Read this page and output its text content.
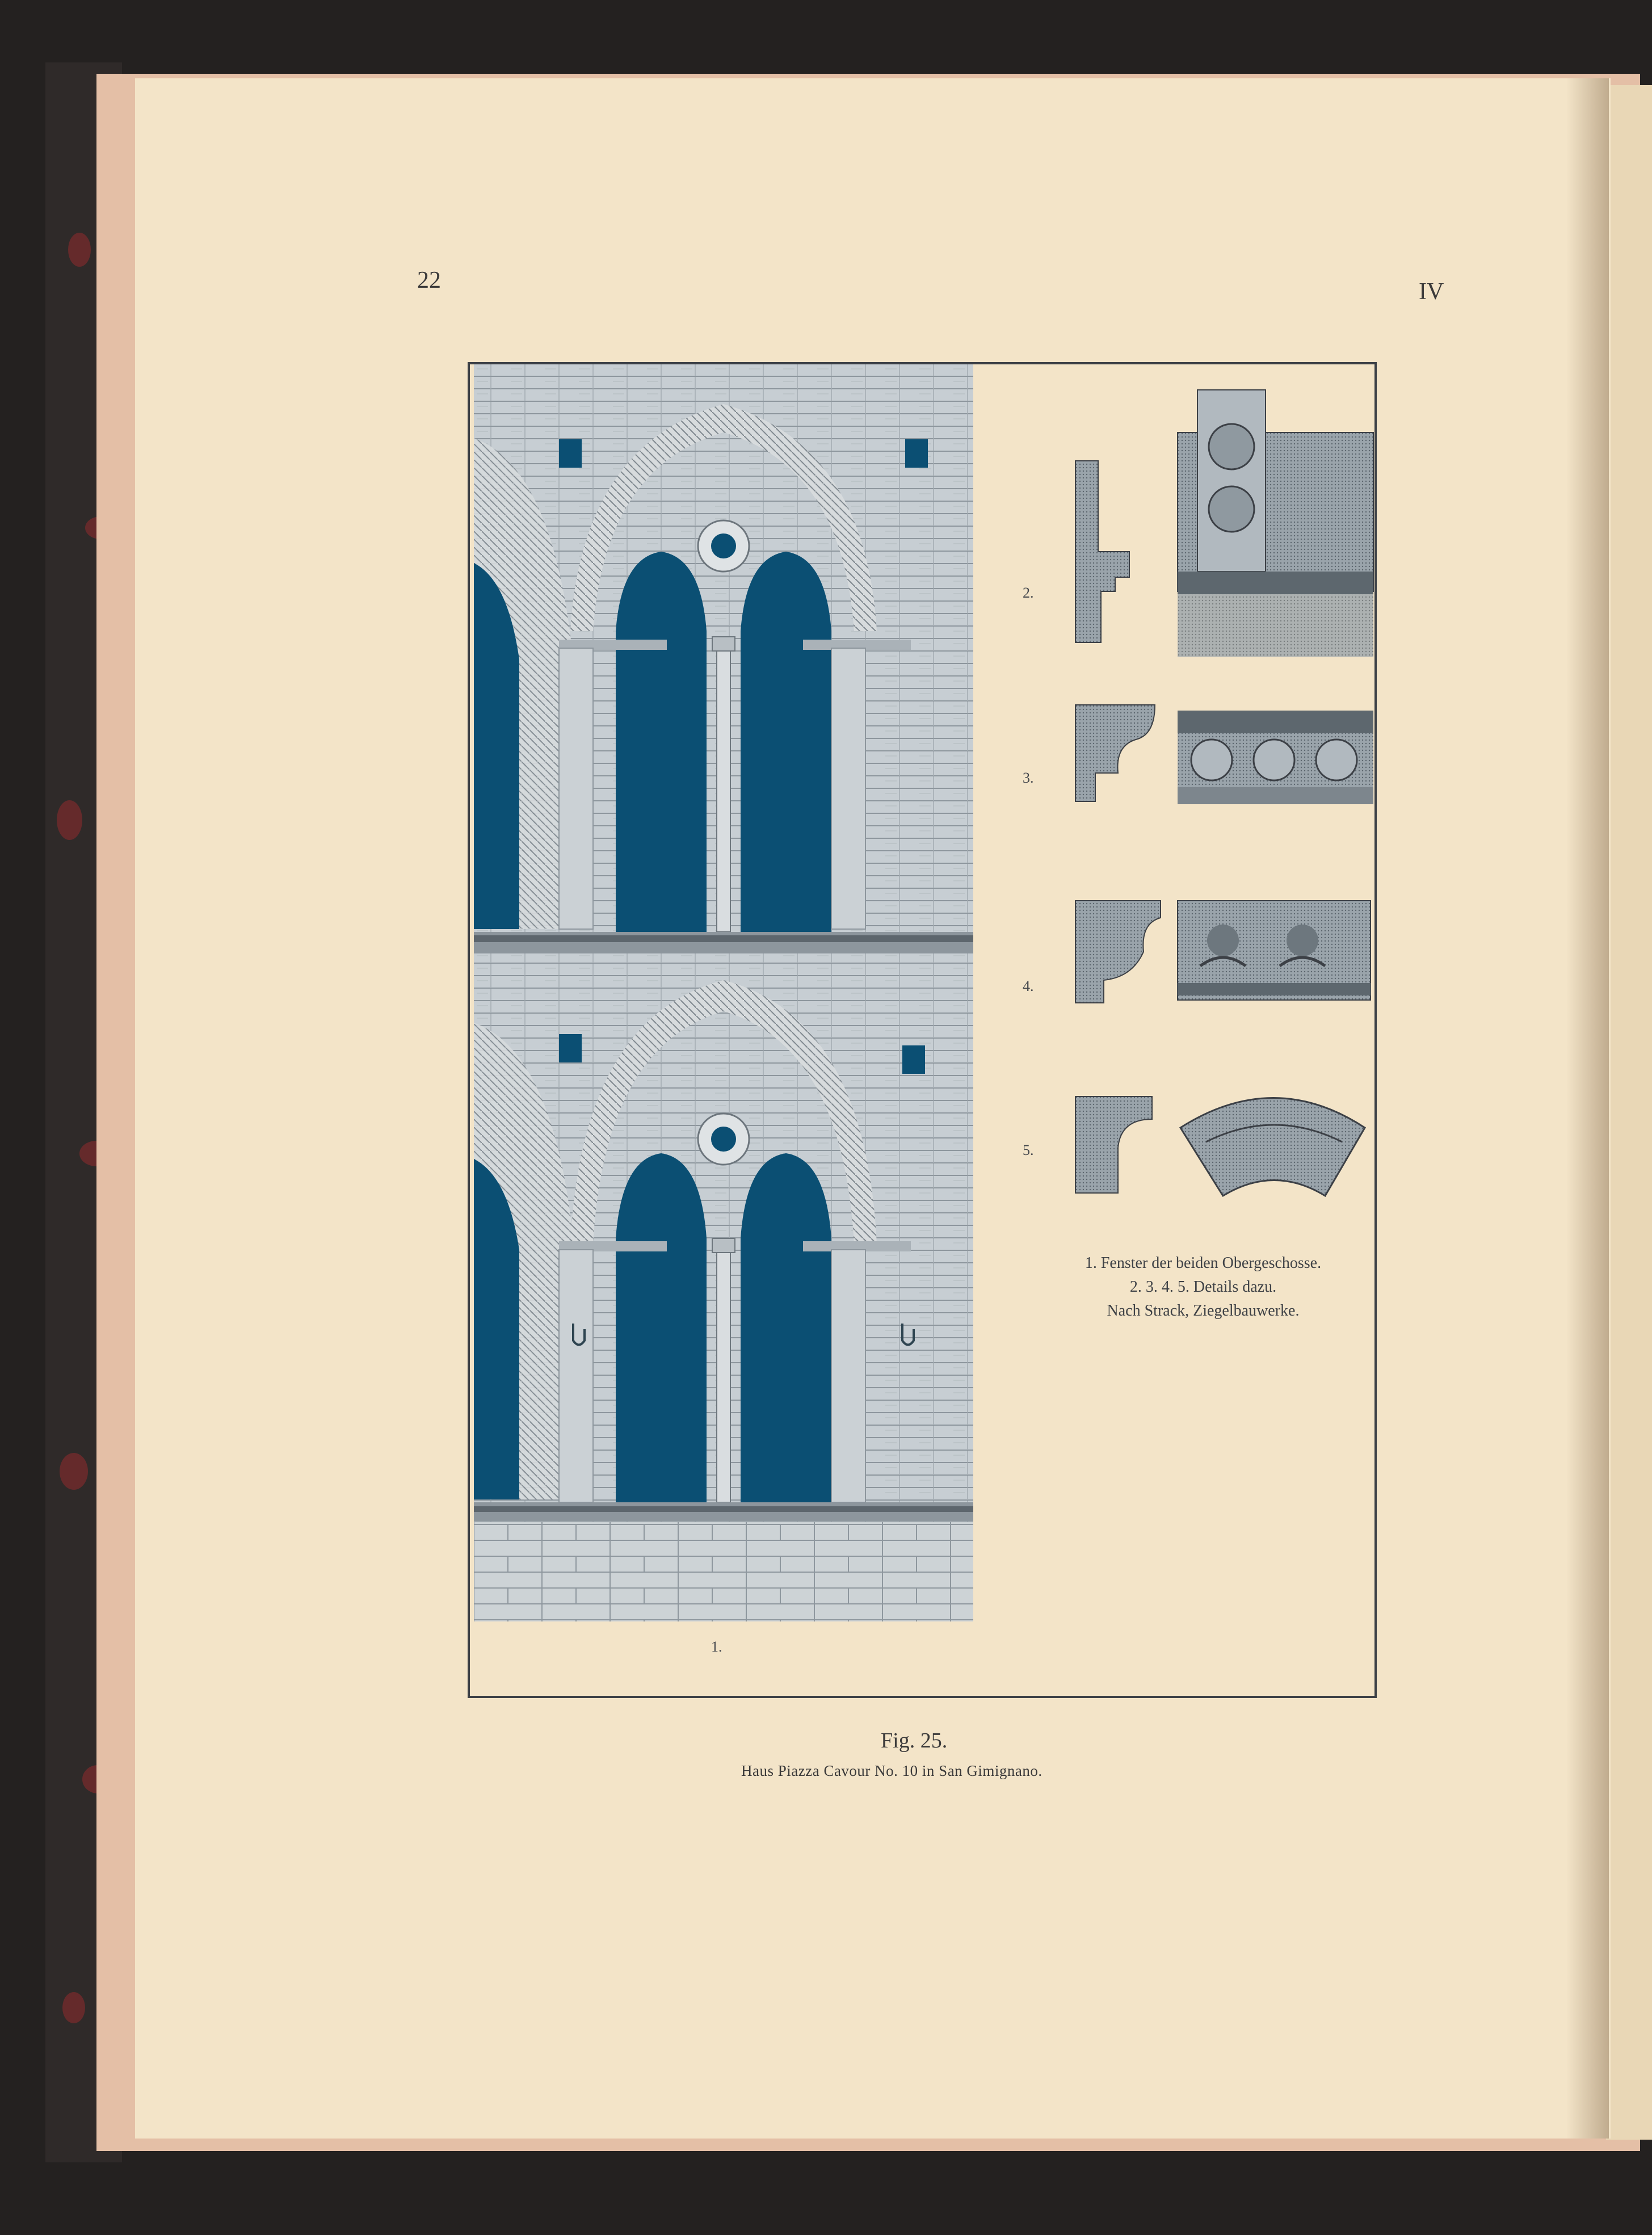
22	IV
2.
3.
4.
5.
1. Fenster der beiden Obergeschosse.
2. 3. 4. 5. Details dazu.
Nach Strack, Ziegelbauwerke.
1.
Fig. 25.
Haus Piazza Cavour No. 10 in San Gimignano.
